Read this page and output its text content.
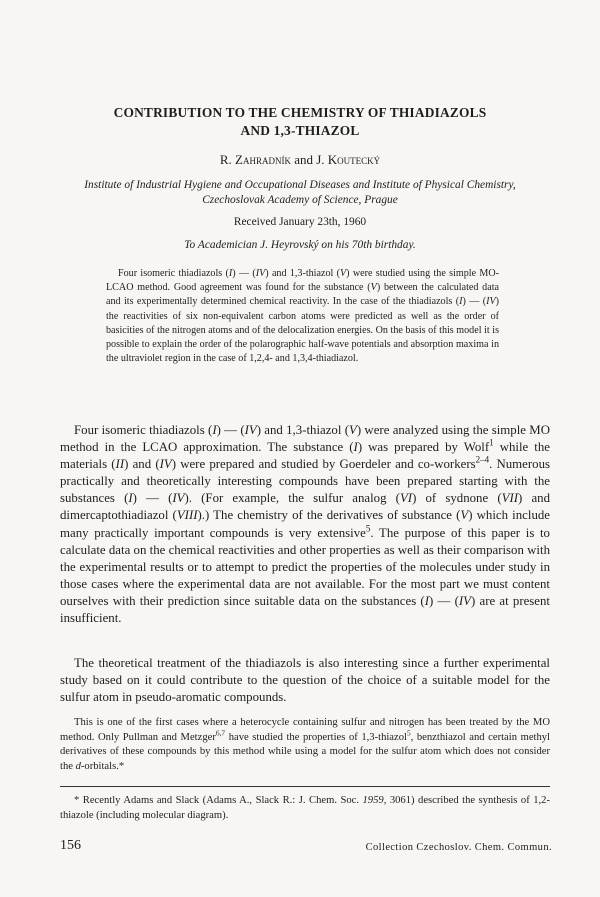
CONTRIBUTION TO THE CHEMISTRY OF THIADIAZOLS
AND 1,3-THIAZOL

R. Zahradník and J. Koutecký

Institute of Industrial Hygiene and Occupational Diseases and Institute of Physical Chemistry,
Czechoslovak Academy of Science, Prague

Received January 23th, 1960

To Academician J. Heyrovský on his 70th birthday.

Four isomeric thiadiazols (I) — (IV) and 1,3-thiazol (V) were studied using the simple MO-LCAO method. Good agreement was found for the substance (V) between the calculated data and its experimentally determined chemical reactivity. In the case of the thiadiazols (I) — (IV) the reactivities of six non-equivalent carbon atoms were predicted as well as the order of basicities of the nitrogen atoms and of the delocalization energies. On the basis of this model it is possible to explain the order of the polarographic half-wave potentials and absorption maxima in the ultraviolet region in the case of 1,2,4- and 1,3,4-thiadiazol.

Four isomeric thiadiazols (I) — (IV) and 1,3-thiazol (V) were analyzed using the simple MO method in the LCAO approximation. The substance (I) was prepared by Wolf$^1$ while the materials (II) and (IV) were prepared and studied by Goerdeler and co-workers$^{2-4}$. Numerous practically and theoretically interesting compounds have been prepared starting with the substances (I) — (IV). (For example, the sulfur analog (VI) of sydnone (VII) and dimercaptothiadiazol (VIII).) The chemistry of the derivatives of substance (V) which include many practically important compounds is very extensive$^5$. The purpose of this paper is to calculate data on the chemical reactivities and other properties as well as their comparison with the experimental results or to attempt to predict the properties of the molecules under study in those cases where the experimental data are not available. For the most part we must content ourselves with their prediction since suitable data on the substances (I) — (IV) are at present insufficient.

The theoretical treatment of the thiadiazols is also interesting since a further experimental study based on it could contribute to the question of the choice of a suitable model for the sulfur atom in pseudo-aromatic compounds.

This is one of the first cases where a heterocycle containing sulfur and nitrogen has been treated by the MO method. Only Pullman and Metzger$^{6,7}$ have studied the properties of 1,3-thiazol$^5$, benzthiazol and certain methyl derivatives of these compounds by this method while using a model for the sulfur atom which does not consider the d-orbitals.*

* Recently Adams and Slack (Adams A., Slack R.: J. Chem. Soc. 1959, 3061) described the synthesis of 1,2-thiazole (including molecular diagram).

156	Collection Czechoslov. Chem. Commun.
